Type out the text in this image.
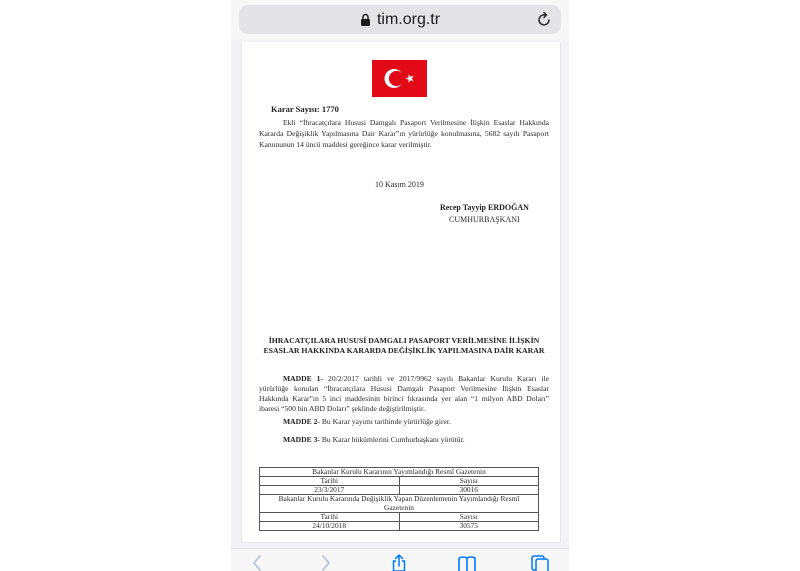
tim.org.tr
Karar Sayısı: 1770
Ekli “İhracatçılara Hususi Damgalı Pasaport Verilmesine İlişkin Esaslar Hakkında Kararda Değişiklik Yapılmasına Dair Karar”ın yürürlüğe konulmasına, 5682 sayılı Pasaport Kanununun 14 üncü maddesi gereğince karar verilmiştir.
10 Kasım 2019
Recep Tayyip ERDOĞAN
CUMHURBAŞKANI
İHRACATÇILARA HUSUSİ DAMGALI PASAPORT VERİLMESİNE İLİŞKİN ESASLAR HAKKINDA KARARDA DEĞİŞİKLİK YAPILMASINA DAİR KARAR
MADDE 1- 20/2/2017 tarihli ve 2017/9962 sayılı Bakanlar Kurulu Kararı ile yürürlüğe konulan “İhracatçılara Hususi Damgalı Pasaport Verilmesine İlişkin Esaslar Hakkında Karar”ın 5 inci maddesinin birinci fıkrasında yer alan “1 milyon ABD Doları” ibaresi “500 bin ABD Doları” şeklinde değiştirilmiştir.
MADDE 2- Bu Karar yayımı tarihinde yürürlüğe girer.
MADDE 3- Bu Karar hükümlerini Cumhurbaşkanı yürütür.
Bakanlar Kurulu Kararının Yayımlandığı Resmî Gazetenin	
Tarihi	Sayısı
23/3/2017	30016
Bakanlar Kurulu Kararında Değişiklik Yapan Düzenlemenin Yayımlandığı Resmî Gazetenin	
Tarihi	Sayısı
24/10/2018	30575
